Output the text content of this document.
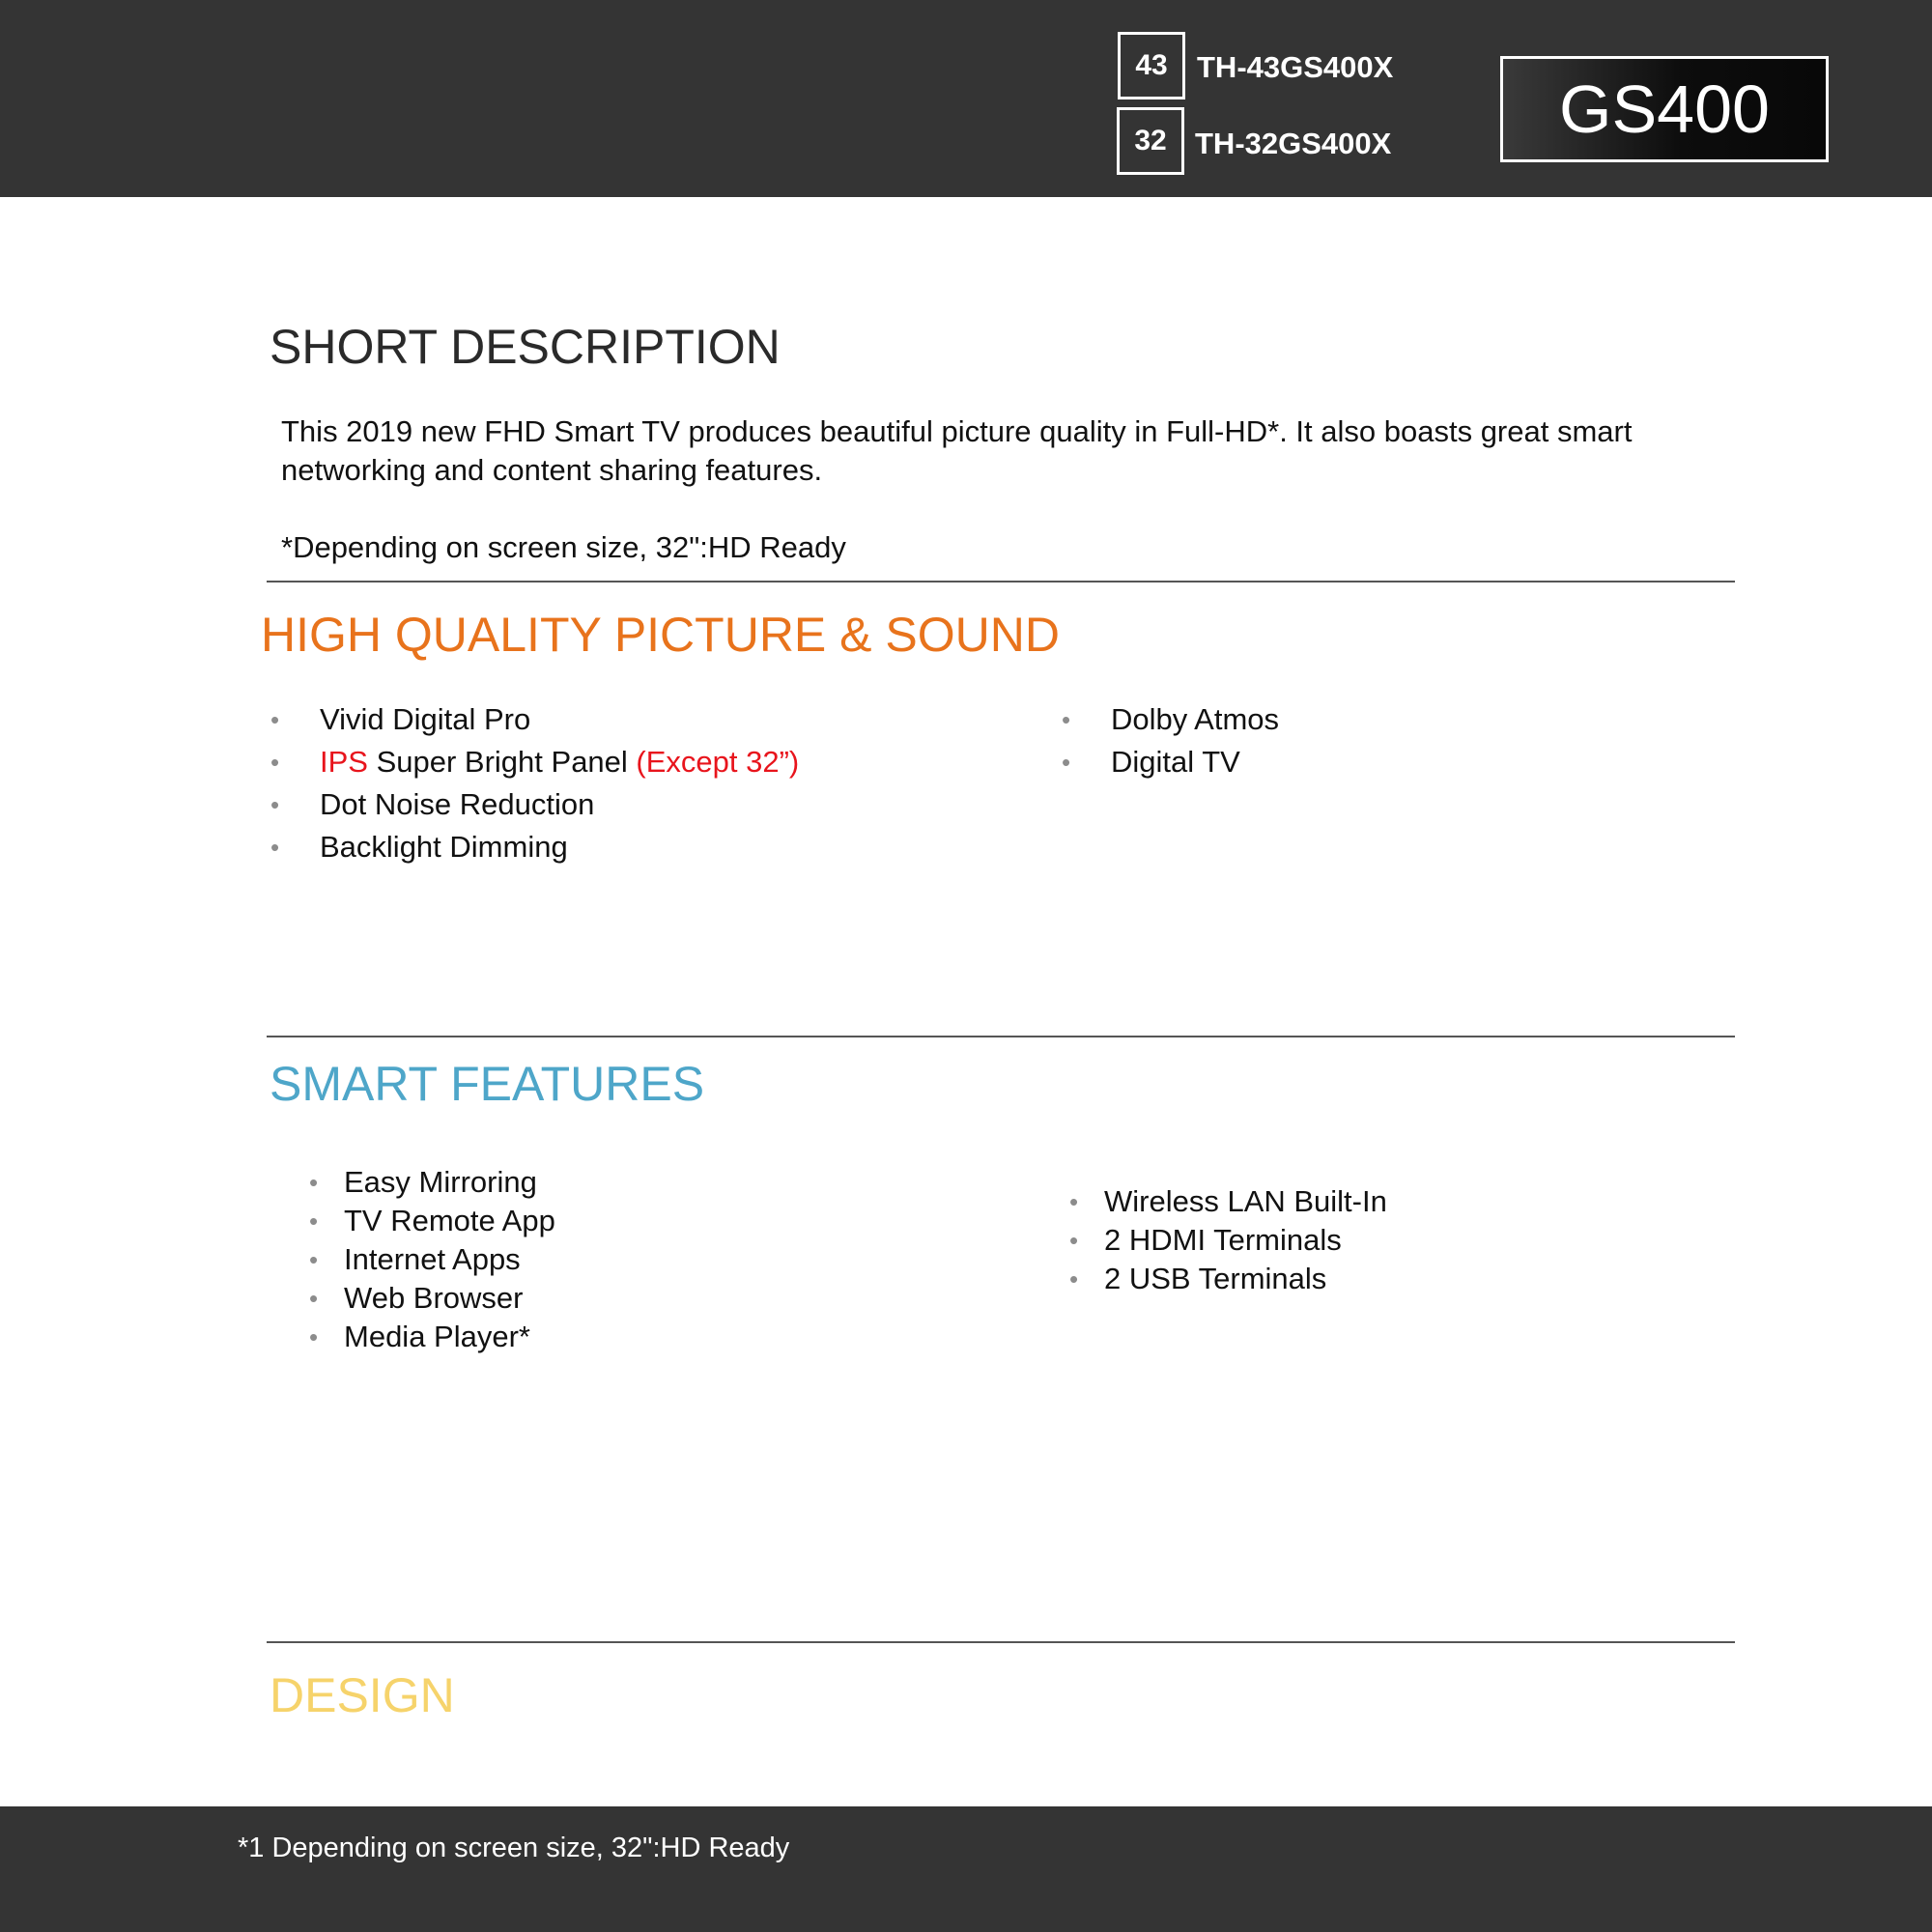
43 TH-43GS400X
32 TH-32GS400X	GS400
SHORT DESCRIPTION

This 2019 new FHD Smart TV produces beautiful picture quality in Full-HD*. It also boasts great smart networking and content sharing features.

*Depending on screen size, 32":HD Ready

HIGH QUALITY PICTURE & SOUND
• Vivid Digital Pro
• IPS Super Bright Panel (Except 32”)
• Dot Noise Reduction
• Backlight Dimming
• Dolby Atmos
• Digital TV
SMART FEATURES
• Easy Mirroring
• TV Remote App
• Internet Apps
• Web Browser
• Media Player*
• Wireless LAN Built-In
• 2 HDMI Terminals
• 2 USB Terminals
DESIGN
*1 Depending on screen size, 32":HD Ready
